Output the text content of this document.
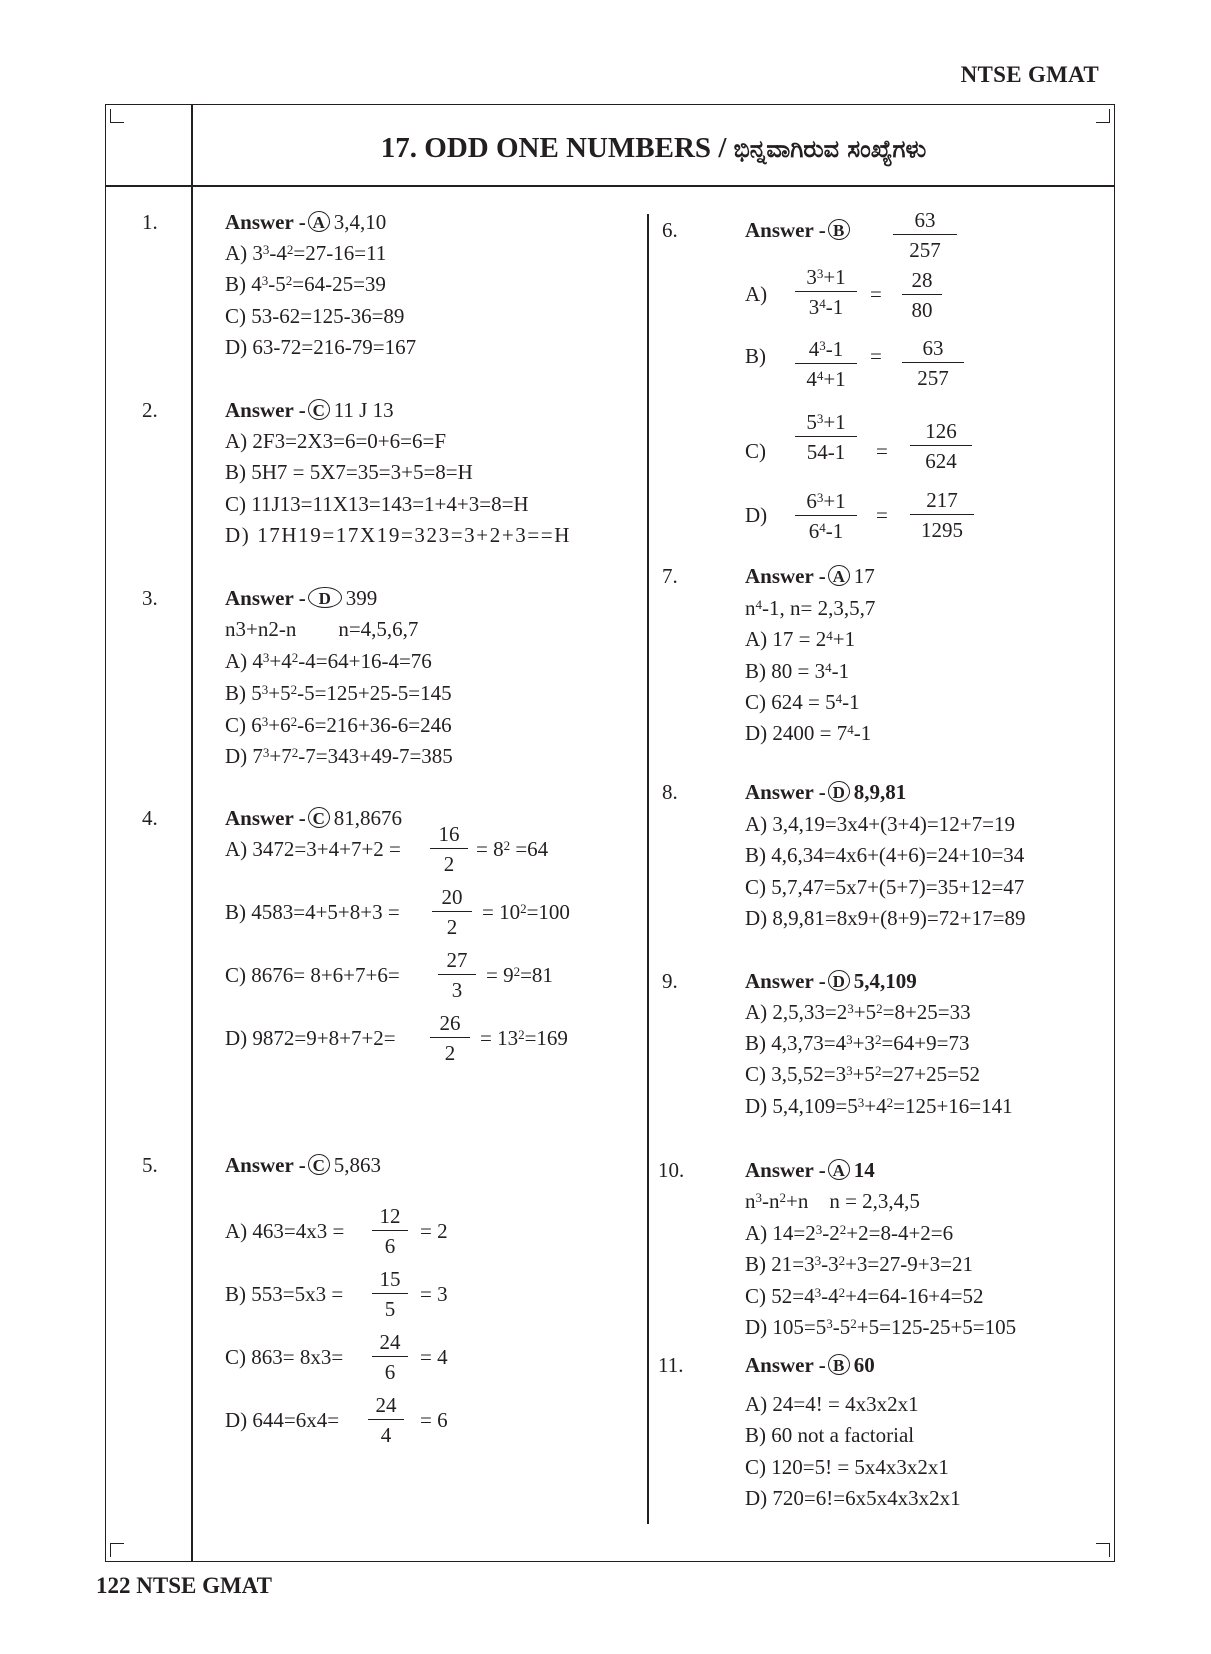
NTSE GMAT
122 NTSE GMAT
17. ODD ONE NUMBERS / ಭಿನ್ನವಾಗಿರುವ ಸಂಖ್ಯೆಗಳು
1.	Answer - A 3,4,10
A) $3^3-4^2=27-16=11$
B) $4^3-5^2=64-25=39$
C) 53-62=125-36=89
D) 63-72=216-79=167
2.	Answer - C 11 J 13
A) 2F3=2X3=6=0+6=6=F
B) 5H7 = 5X7=35=3+5=8=H
C) 11J13=11X13=143=1+4+3=8=H
D) 17H19=17X19=323=3+2+3==H
3.	Answer - D 399
n3+n2-n        n=4,5,6,7
A) $4^3+4^2-4=64+16-4=76$
B) $5^3+5^2-5=125+25-5=145$
C) $6^3+6^2-6=216+36-6=246$
D) $7^3+7^2-7=343+49-7=385$
4.	Answer - C 81,8676
A) $3472=3+4+7+2 = \frac{16}{2} = 8^2 =64$
B) $4583=4+5+8+3 = \frac{20}{2} = 10^2=100$
C) $8676= 8+6+7+6= \frac{27}{3} = 9^2=81$
D) $9872=9+8+7+2= \frac{26}{2} = 13^2=169$
5.	Answer - C 5,863
A) $463=4x3 = \frac{12}{6} = 2$
B) $553=5x3 = \frac{15}{5} = 3$
C) $863= 8x3= \frac{24}{6} = 4$
D) $644=6x4= \frac{24}{4} = 6$
6.	Answer - B	$\frac{63}{257}$
$A) \frac{3^3+1}{3^4-1} = \frac{28}{80}$
$B) \frac{4^3-1}{4^4+1} = \frac{63}{257}$
$C) \frac{5^3+1}{54-1} = \frac{126}{624}$
$D) \frac{6^3+1}{6^4-1} = \frac{217}{1295}$
7.	Answer - A 17
$n^4-1$, n= 2,3,5,7
A) $17 = 2^4+1$
B) $80 = 3^4-1$
C) $624 = 5^4-1$
D) $2400 = 7^4-1$
8.	Answer - D 8,9,81
A) 3,4,19=3x4+(3+4)=12+7=19
B) 4,6,34=4x6+(4+6)=24+10=34
C) 5,7,47=5x7+(5+7)=35+12=47
D) 8,9,81=8x9+(8+9)=72+17=89
9.	Answer - D 5,4,109
A) $2,5,33=2^3+5^2=8+25=33$
B) $4,3,73=4^3+3^2=64+9=73$
C) $3,5,52=3^3+5^2=27+25=52$
D) $5,4,109=5^3+4^2=125+16=141$
10.	Answer - A 14
$n^3-n^2+n$    n = 2,3,4,5
A) $14=2^3-2^2+2=8-4+2=6$
B) $21=3^3-3^2+3=27-9+3=21$
C) $52=4^3-4^2+4=64-16+4=52$
D) $105=5^3-5^2+5=125-25+5=105$
11.	Answer - B 60
A) 24=4! = 4x3x2x1
B) 60 not a factorial
C) 120=5! = 5x4x3x2x1
D) 720=6!=6x5x4x3x2x1
